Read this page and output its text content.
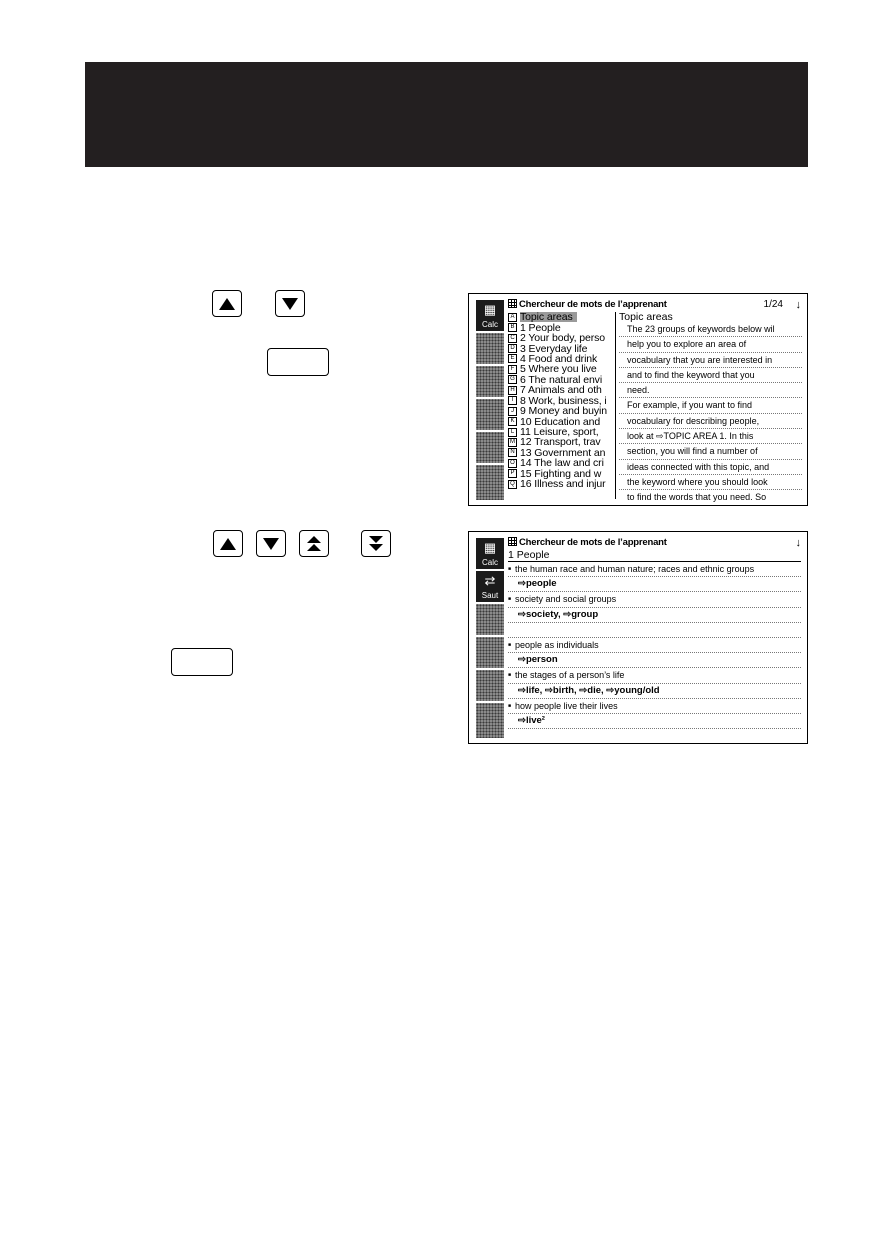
▦
Calc
Chercheur de mots de l’apprenant	1/24 ↓
A Topic areas
B 1 People
C 2 Your body, perso
D 3 Everyday life
E 4 Food and drink
F 5 Where you live
G 6 The natural envi
H 7 Animals and oth
I 8 Work, business, i
J 9 Money and buyin
K 10 Education and
L 11 Leisure, sport,
M 12 Transport, trav
N 13 Government an
O 14 The law and cri
P 15 Fighting and w
Q 16 Illness and injur
Topic areas
The 23 groups of keywords below wil
help you to explore an area of
vocabulary that you are interested in
and to find the keyword that you
need.
For example, if you want to find
vocabulary for describing people,
look at ⇨TOPIC AREA 1. In this
section, you will find a number of
ideas connected with this topic, and
the keyword where you should look
to find the words that you need. So
▦
Calc
⇄
Saut
Chercheur de mots de l’apprenant	↓
1 People
■ the human race and human nature; races and ethnic groups
⇨people
■ society and social groups
⇨society, ⇨group
■ people as individuals
⇨person
■ the stages of a person’s life
⇨life, ⇨birth, ⇨die, ⇨young/old
■ how people live their lives
⇨live²
